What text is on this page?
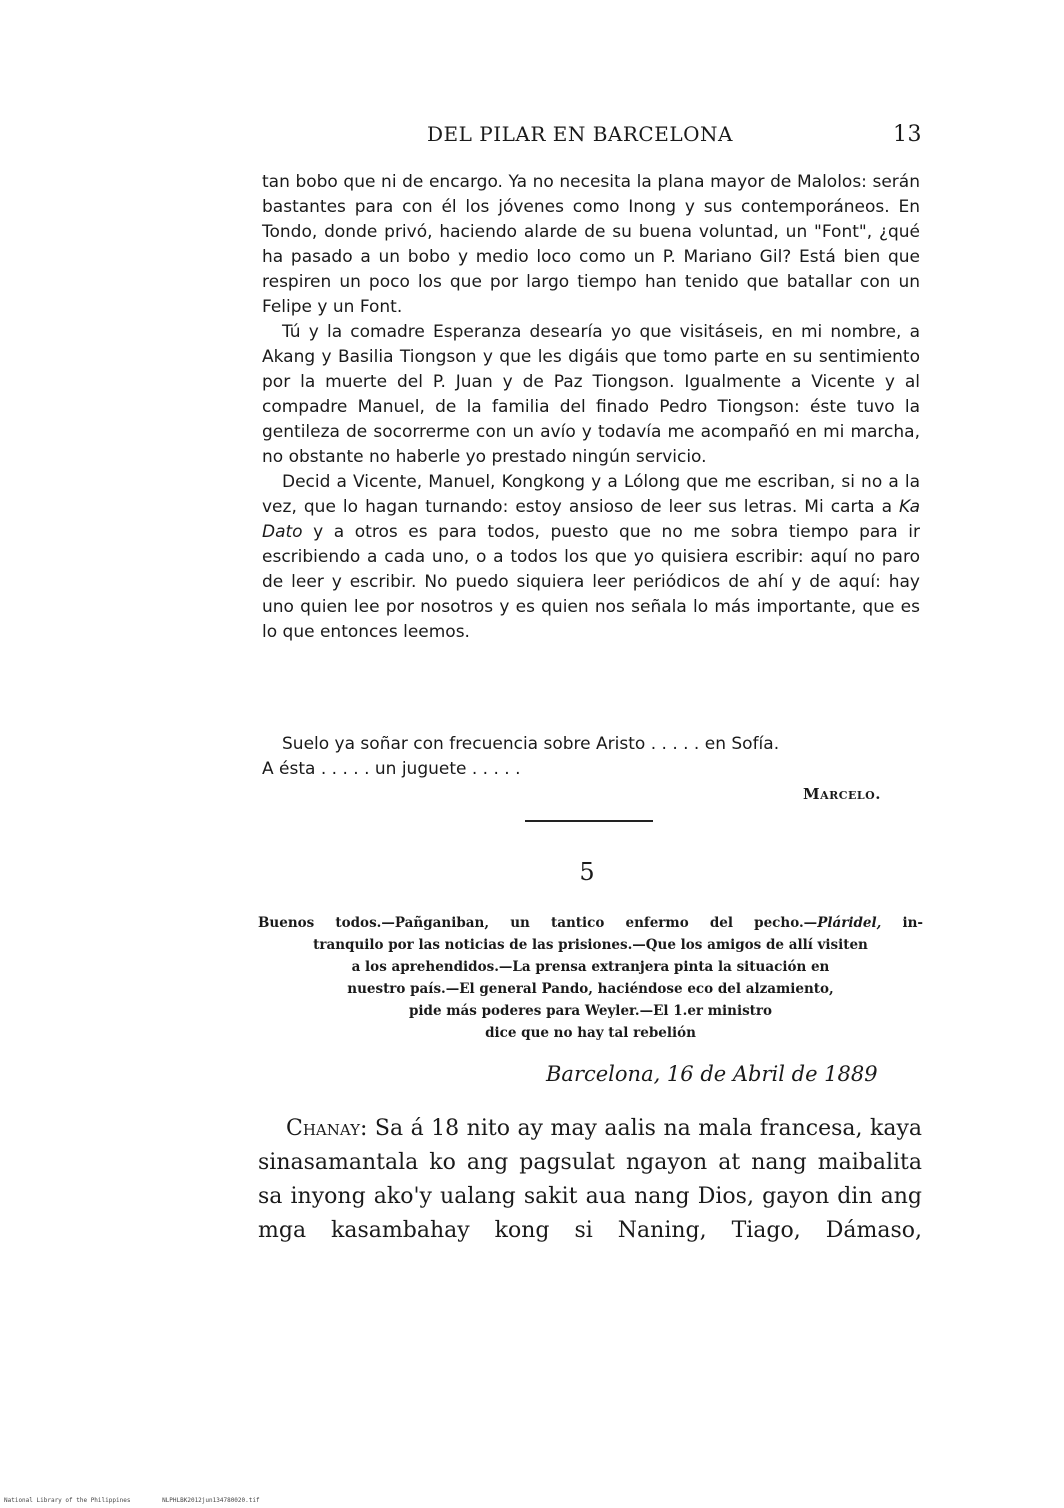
DEL PILAR EN BARCELONA	13

tan bobo que ni de encargo. Ya no necesita la plana mayor de Malolos: serán bastantes para con él los jóvenes como Inong y sus contemporáneos. En Tondo, donde privó, haciendo alarde de su buena voluntad, un "Font", ¿qué ha pasado a un bobo y medio loco como un P. Mariano Gil? Está bien que respiren un poco los que por largo tiempo han tenido que batallar con un Felipe y un Font.

Tú y la comadre Esperanza desearía yo que visitáseis, en mi nombre, a Akang y Basilia Tiongson y que les digáis que tomo parte en su sentimiento por la muerte del P. Juan y de Paz Tiongson. Igualmente a Vicente y al compadre Manuel, de la familia del finado Pedro Tiongson: éste tuvo la gentileza de socorrerme con un avío y todavía me acompañó en mi marcha, no obstante no haberle yo prestado ningún servicio.

Decid a Vicente, Manuel, Kongkong y a Lólong que me escriban, si no a la vez, que lo hagan turnando: estoy ansioso de leer sus letras. Mi carta a Ka Dato y a otros es para todos, puesto que no me sobra tiempo para ir escribiendo a cada uno, o a todos los que yo quisiera escribir: aquí no paro de leer y escribir. No puedo siquiera leer periódicos de ahí y de aquí: hay uno quien lee por nosotros y es quien nos señala lo más importante, que es lo que entonces leemos.

Suelo ya soñar con frecuencia sobre Aristo . . . . . en Sofía.
A ésta . . . . . un juguete . . . . .
Marcelo.
5
Buenos todos.—Pañganiban, un tantico enfermo del pecho.—Pláridel, in-
tranquilo por las noticias de las prisiones.—Que los amigos de allí visiten
a los aprehendidos.—La prensa extranjera pinta la situación en
nuestro país.—El general Pando, haciéndose eco del alzamiento,
pide más poderes para Weyler.—El 1.er ministro
dice que no hay tal rebelión
Barcelona, 16 de Abril de 1889

Chanay: Sa á 18 nito ay may aalis na mala francesa, kaya sinasamantala ko ang pagsulat ngayon at nang maibalita sa inyong ako'y ualang sakit aua nang Dios, gayon din ang mga kasambahay kong si Naning, Tiago, Dámaso,

National Library of the Philippines	NLPHLBK2012jun134780020.tif
